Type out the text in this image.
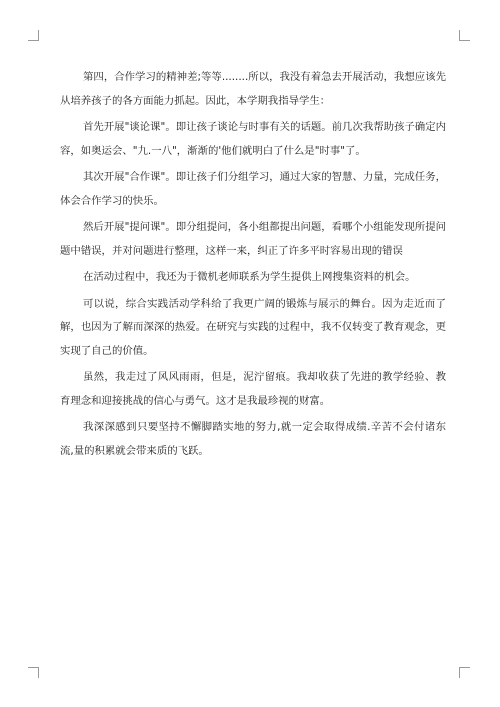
第四，合作学习的精神差;等等........所以，我没有着急去开展活动，我想应该先从培养孩子的各方面能力抓起。因此，本学期我指导学生：

首先开展"谈论课"。即让孩子谈论与时事有关的话题。前几次我帮助孩子确定内容，如奥运会、"九.一八"，渐渐的'他们就明白了什么是"时事"了。

其次开展"合作课"。即让孩子们分组学习，通过大家的智慧、力量，完成任务，体会合作学习的快乐。

然后开展"提问课"。即分组提问，各小组都提出问题，看哪个小组能发现所提问题中错误，并对问题进行整理，这样一来，纠正了许多平时容易出现的错误

在活动过程中，我还为于微机老师联系为学生提供上网搜集资料的机会。

可以说，综合实践活动学科给了我更广阔的锻炼与展示的舞台。因为走近而了解，也因为了解而深深的热爱。在研究与实践的过程中，我不仅转变了教育观念，更实现了自己的价值。

虽然，我走过了风风雨雨，但是，泥泞留痕。我却收获了先进的教学经验、教育理念和迎接挑战的信心与勇气。这才是我最珍视的财富。

我深深感到只要坚持不懈脚踏实地的努力,就一定会取得成绩.辛苦不会付诸东流,量的积累就会带来质的飞跃。
